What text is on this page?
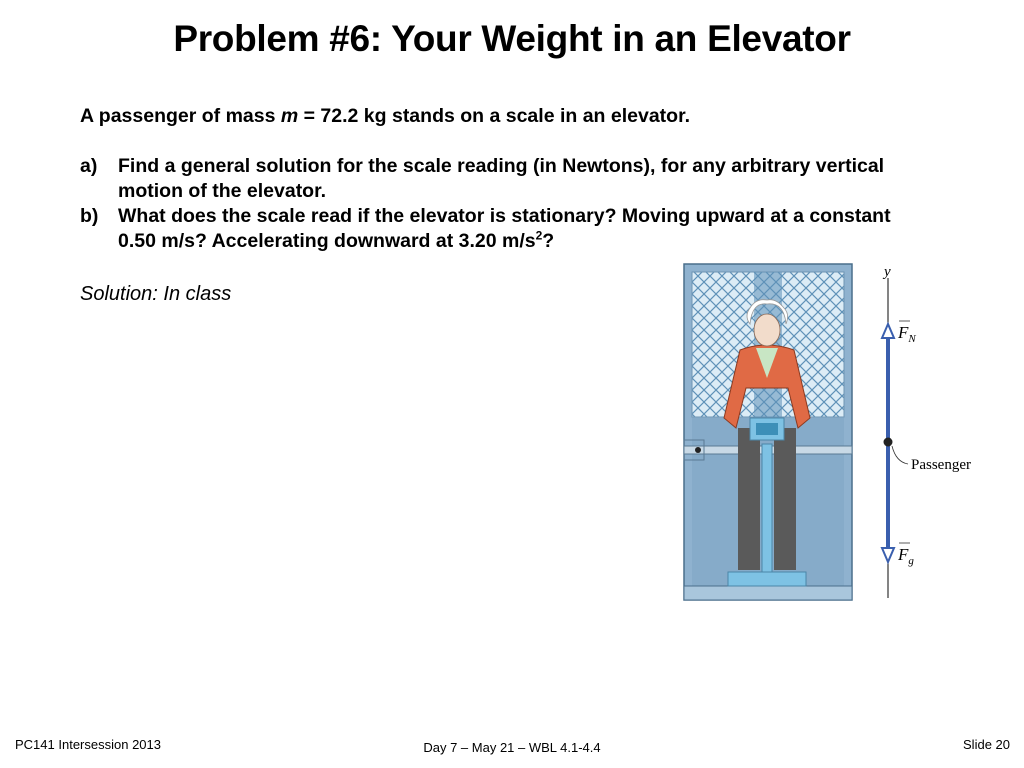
Problem #6: Your Weight in an Elevator
A passenger of mass m = 72.2 kg stands on a scale in an elevator.
a)	Find a general solution for the scale reading (in Newtons), for any arbitrary vertical motion of the elevator.
b)	What does the scale read if the elevator is stationary? Moving upward at a constant 0.50 m/s? Accelerating downward at 3.20 $m/s^2$?
Solution: In class
y
$F_N$
$F_g$
Passenger
PC141 Intersession 2013	Day 7 – May 21 – WBL 4.1-4.4	Slide 20
